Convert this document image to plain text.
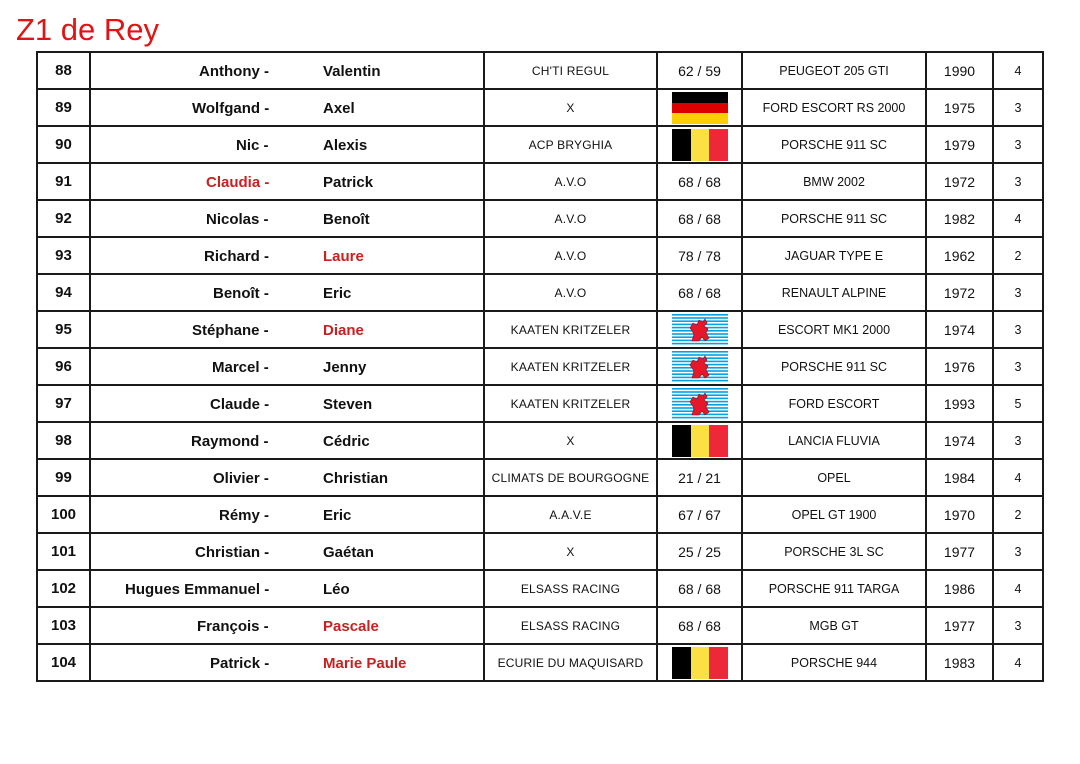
Z1 de Rey
88	Anthony - Valentin	CH'TI REGUL	62 / 59	PEUGEOT 205 GTI	1990	4
89	Wolfgand - Axel	X		FORD ESCORT RS 2000	1975	3
90	Nic - Alexis	ACP BRYGHIA		PORSCHE 911 SC	1979	3
91	Claudia - Patrick	A.V.O	68 / 68	BMW 2002	1972	3
92	Nicolas - Benoît	A.V.O	68 / 68	PORSCHE 911 SC	1982	4
93	Richard - Laure	A.V.O	78 / 78	JAGUAR TYPE E	1962	2
94	Benoît - Eric	A.V.O	68 / 68	RENAULT ALPINE	1972	3
95	Stéphane - Diane	KAATEN KRITZELER		ESCORT MK1 2000	1974	3
96	Marcel - Jenny	KAATEN KRITZELER		PORSCHE 911 SC	1976	3
97	Claude - Steven	KAATEN KRITZELER		FORD ESCORT	1993	5
98	Raymond - Cédric	X		LANCIA FLUVIA	1974	3
99	Olivier - Christian	CLIMATS DE BOURGOGNE	21 / 21	OPEL	1984	4
100	Rémy - Eric	A.A.V.E	67 / 67	OPEL GT 1900	1970	2
101	Christian - Gaétan	X	25 / 25	PORSCHE 3L SC	1977	3
102	Hugues Emmanuel - Léo	ELSASS RACING	68 / 68	PORSCHE 911 TARGA	1986	4
103	François - Pascale	ELSASS RACING	68 / 68	MGB GT	1977	3
104	Patrick - Marie Paule	ECURIE DU MAQUISARD		PORSCHE 944	1983	4
